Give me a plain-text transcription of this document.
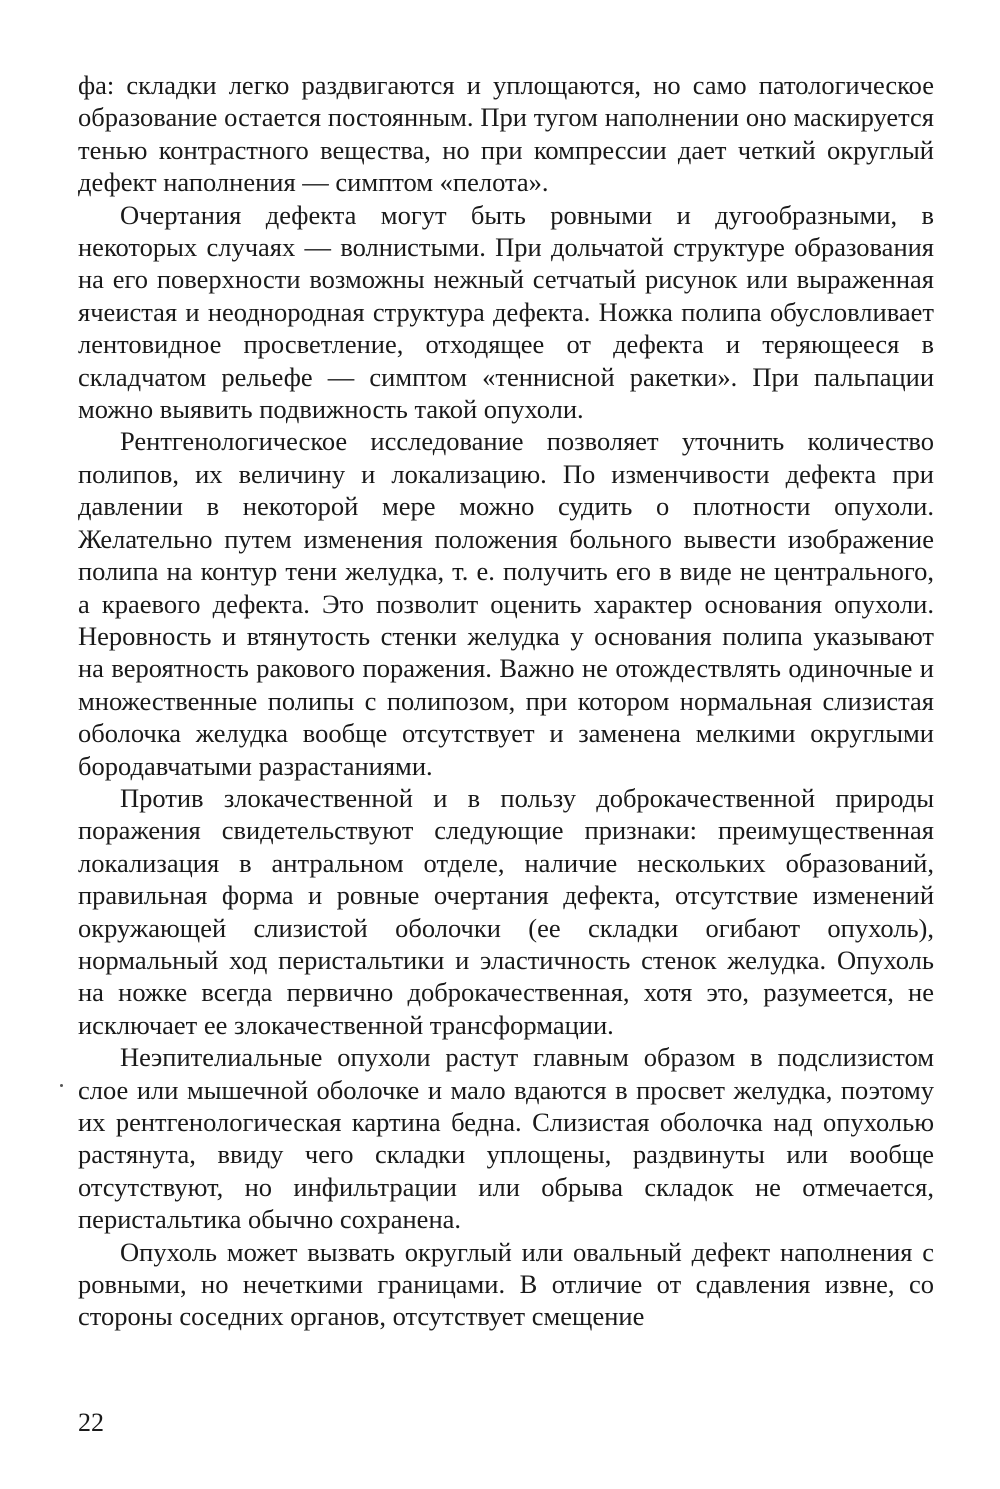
фа: складки легко раздвигаются и уплощаются, но само патологическое образование остается постоянным. При тугом наполнении оно маскируется тенью контрастного вещества, но при компрессии дает четкий округлый дефект наполнения — симптом «пелота».

Очертания дефекта могут быть ровными и дугообразными, в некоторых случаях — волнистыми. При дольчатой структуре образования на его поверхности возможны нежный сетчатый рисунок или выраженная ячеистая и неоднородная структура дефекта. Ножка полипа обусловливает лентовидное просветление, отходящее от дефекта и теряющееся в складчатом рельефе — симптом «теннисной ракетки». При пальпации можно выявить подвижность такой опухоли.

Рентгенологическое исследование позволяет уточнить количество полипов, их величину и локализацию. По изменчивости дефекта при давлении в некоторой мере можно судить о плотности опухоли. Желательно путем изменения положения больного вывести изображение полипа на контур тени желудка, т. е. получить его в виде не центрального, а краевого дефекта. Это позволит оценить характер основания опухоли. Неровность и втянутость стенки желудка у основания полипа указывают на вероятность ракового поражения. Важно не отождествлять одиночные и множественные полипы с полипозом, при котором нормальная слизистая оболочка желудка вообще отсутствует и заменена мелкими округлыми бородавчатыми разрастаниями.

Против злокачественной и в пользу доброкачественной природы поражения свидетельствуют следующие признаки: преимущественная локализация в антральном отделе, наличие нескольких образований, правильная форма и ровные очертания дефекта, отсутствие изменений окружающей слизистой оболочки (ее складки огибают опухоль), нормальный ход перистальтики и эластичность стенок желудка. Опухоль на ножке всегда первично доброкачественная, хотя это, разумеется, не исключает ее злокачественной трансформации.

Неэпителиальные опухоли растут главным образом в подслизистом слое или мышечной оболочке и мало вдаются в просвет желудка, поэтому их рентгенологическая картина бедна. Слизистая оболочка над опухолью растянута, ввиду чего складки уплощены, раздвинуты или вообще отсутствуют, но инфильтрации или обрыва складок не отмечается, перистальтика обычно сохранена.

Опухоль может вызвать округлый или овальный дефект наполнения с ровными, но нечеткими границами. В отличие от сдавления извне, со стороны соседних органов, отсутствует смещение

22
